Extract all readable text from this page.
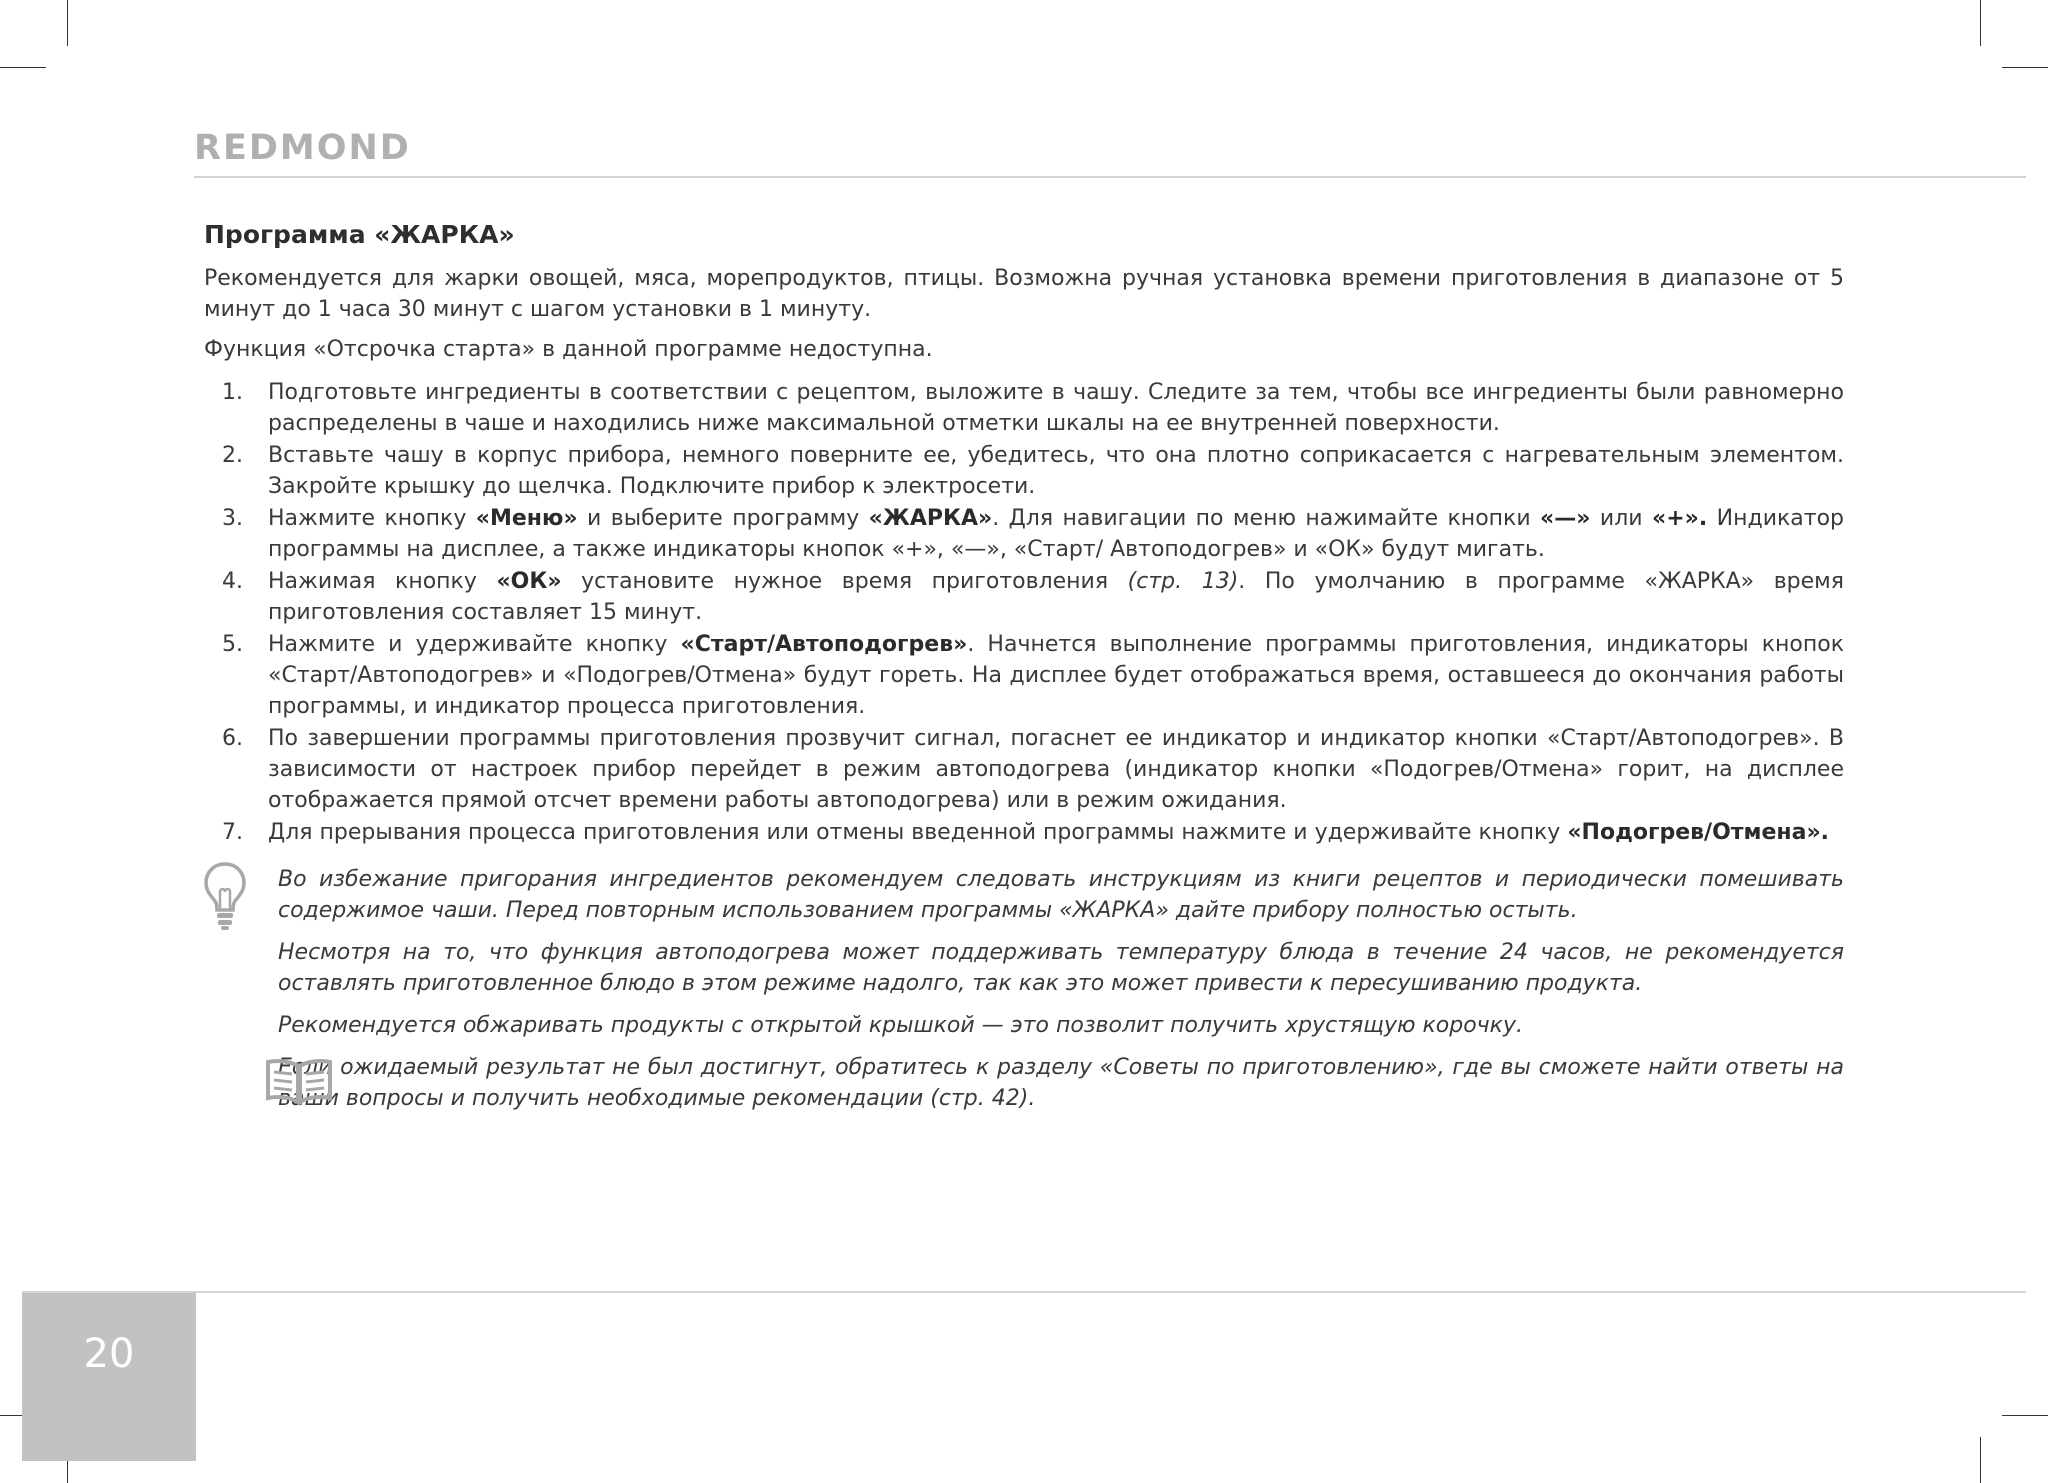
REDMOND
Программа «ЖАРКА»

Рекомендуется для жарки овощей, мяса, морепродуктов, птицы. Возможна ручная установка времени приготовления в диапазоне от 5 минут до 1 часа 30 минут с шагом установки в 1 минуту.

Функция «Отсрочка старта» в данной программе недоступна.

1. Подготовьте ингредиенты в соответствии с рецептом, выложите в чашу. Следите за тем, чтобы все ингредиенты были равномерно распределены в чаше и находились ниже максимальной отметки шкалы на ее внутренней поверхности.
2. Вставьте чашу в корпус прибора, немного поверните ее, убедитесь, что она плотно соприкасается с нагревательным элементом. Закройте крышку до щелчка. Подключите прибор к электросети.
3. Нажмите кнопку «Меню» и выберите программу «ЖАРКА». Для навигации по меню нажимайте кнопки «—» или «+». Индикатор программы на дисплее, а также индикаторы кнопок «+», «—», «Старт/ Автоподогрев» и «ОК» будут мигать.
4. Нажимая кнопку «ОК» установите нужное время приготовления (стр. 13). По умолчанию в программе «ЖАРКА» время приготовления составляет 15 минут.
5. Нажмите и удерживайте кнопку «Старт/Автоподогрев». Начнется выполнение программы приготовления, индикаторы кнопок «Старт/Автоподогрев» и «Подогрев/Отмена» будут гореть. На дисплее будет отображаться время, оставшееся до окончания работы программы, и индикатор процесса приготовления.
6. По завершении программы приготовления прозвучит сигнал, погаснет ее индикатор и индикатор кнопки «Старт/Автоподогрев». В зависимости от настроек прибор перейдет в режим автоподогрева (индикатор кнопки «Подогрев/Отмена» горит, на дисплее отображается прямой отсчет времени работы автоподогрева) или в режим ожидания.
7. Для прерывания процесса приготовления или отмены введенной программы нажмите и удерживайте кнопку «Подогрев/Отмена».

Во избежание пригорания ингредиентов рекомендуем следовать инструкциям из книги рецептов и периодически помешивать содержимое чаши. Перед повторным использованием программы «ЖАРКА» дайте прибору полностью остыть.

Несмотря на то, что функция автоподогрева может поддерживать температуру блюда в течение 24 часов, не рекомендуется оставлять приготовленное блюдо в этом режиме надолго, так как это может привести к пересушиванию продукта.

Рекомендуется обжаривать продукты с открытой крышкой — это позволит получить хрустящую корочку.

Если ожидаемый результат не был достигнут, обратитесь к разделу «Советы по приготовлению», где вы сможете найти ответы на ваши вопросы и получить необходимые рекомендации (стр. 42).

20
